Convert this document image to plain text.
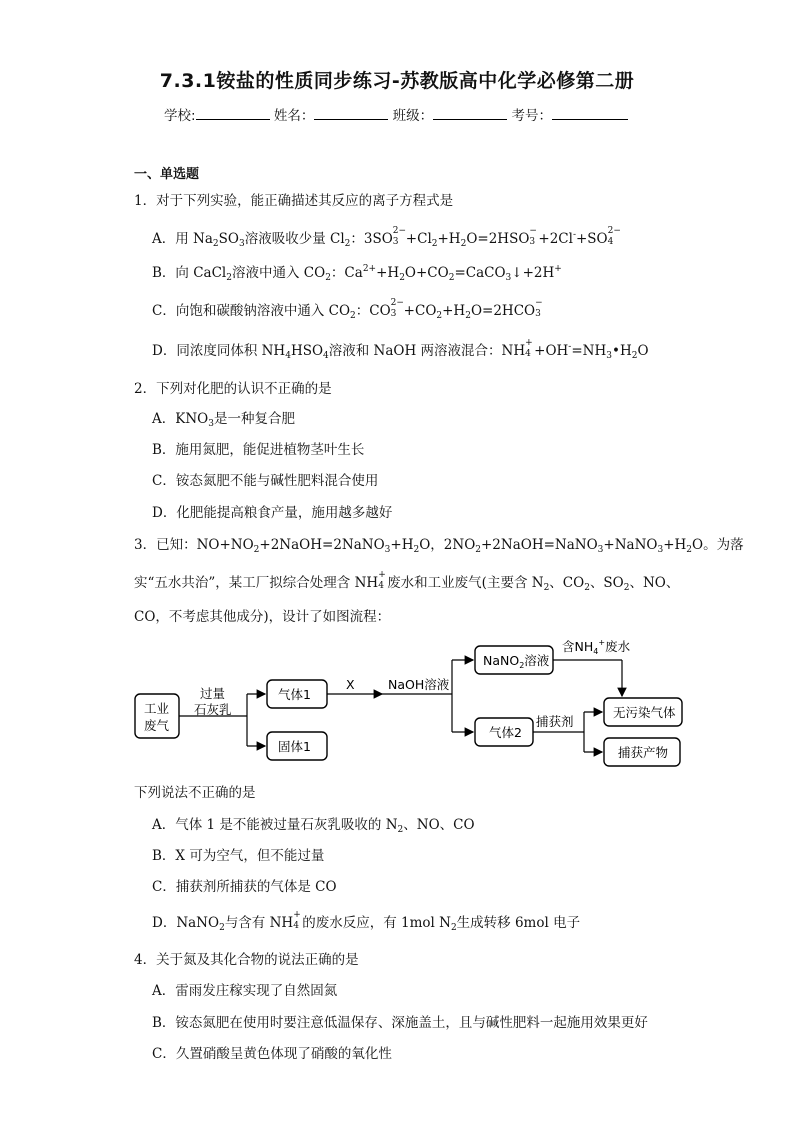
7.3.1铵盐的性质同步练习-苏教版高中化学必修第二册
学校:	姓名：	班级：	考号：
一、单选题
1．对于下列实验，能正确描述其反应的离子方程式是
A．用 $Na_2SO_3$溶液吸收少量 $Cl_2$：3SO 2−
$3 +Cl_2+H_2O=2HSO$ −
3 +2Cl-+SO 2−
4
B．向 CaCl$_2$溶液中通入 $CO_2$：$Ca^{2+}+H_2O+CO_2=CaCO_3↓+2H^+$
C．向饱和碳酸钠溶液中通入 $CO_2$：CO 2−
$3 +CO_2+H_2O=2HCO$ −
3
D．同浓度同体积 $NH_4HSO_4$溶液和 NaOH 两溶液混合：NH +
$4 +OH^-=NH_3•H_2O$
2．下列对化肥的认识不正确的是
A．$KNO_3$是一种复合肥
B．施用氮肥，能促进植物茎叶生长
C．铵态氮肥不能与碱性肥料混合使用
D．化肥能提高粮食产量，施用越多越好
3．已知：$NO+NO_2+2NaOH=2NaNO_3+H_2O$，$2NO_2+2NaOH=NaNO_3+NaNO_3+H_2O$。为落
实“五水共治”，某工厂拟综合处理含 NH +
4 废水和工业废气(主要含 $N_2$、$CO_2$、$SO_2$、NO、
CO，不考虑其他成分)，设计了如图流程：
工业
废气
过量
石灰乳
气体1
固体1
X	NaOH溶液
NaNO$_2$溶液
含$NH_4^+$废水
气体2
捕获剂
无污染气体
捕获产物
下列说法不正确的是
A．气体 1 是不能被过量石灰乳吸收的 $N_2$、NO、CO
B．X 可为空气，但不能过量
C．捕获剂所捕获的气体是 CO
D．NaNO$_2$与含有 NH +
4 的废水反应，有 1mol $N_2$生成转移 6mol 电子
4．关于氮及其化合物的说法正确的是
A．雷雨发庄稼实现了自然固氮
B．铵态氮肥在使用时要注意低温保存、深施盖土，且与碱性肥料一起施用效果更好
C．久置硝酸呈黄色体现了硝酸的氧化性
